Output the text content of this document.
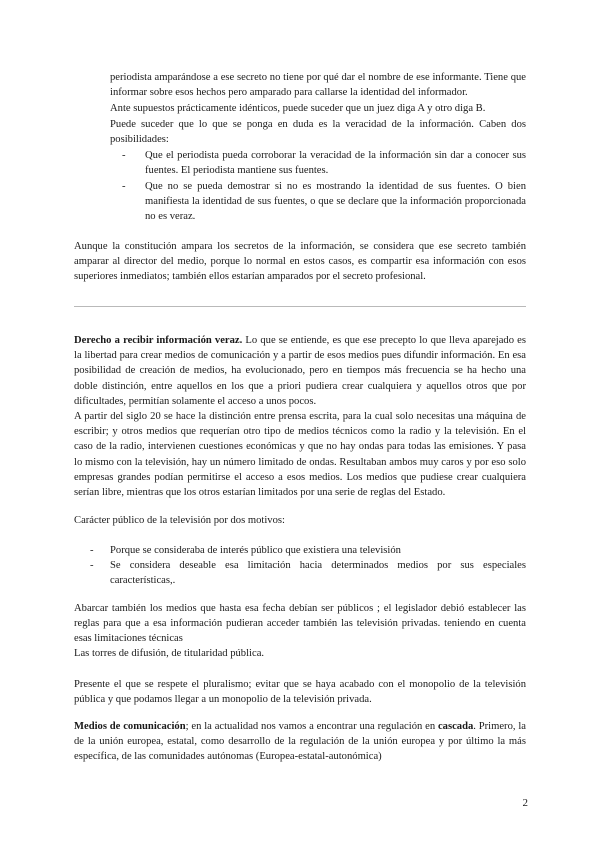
periodista amparándose a ese secreto no tiene por qué dar el nombre de ese informante. Tiene que informar sobre esos hechos pero amparado para callarse la identidad del informador.

Ante supuestos prácticamente idénticos, puede suceder que un juez diga A y otro diga B.

Puede suceder que lo que se ponga en duda es la veracidad de la información. Caben dos posibilidades:

-	Que el periodista pueda corroborar la veracidad de la información sin dar a conocer sus fuentes. El periodista mantiene sus fuentes.

-	Que no se pueda demostrar si no es mostrando la identidad de sus fuentes. O bien manifiesta la identidad de sus fuentes, o que se declare que la información proporcionada no es veraz.

Aunque la constitución ampara los secretos de la información, se considera que ese secreto también amparar al director del medio, porque lo normal en estos casos, es compartir esa información con esos superiores inmediatos; también ellos estarían amparados por el secreto profesional.

Derecho a recibir información veraz. Lo que se entiende, es que ese precepto lo que lleva aparejado es la libertad para crear medios de comunicación y a partir de esos medios pues difundir información. En esa posibilidad de creación de medios, ha evolucionado, pero en tiempos más frecuencia se ha hecho una doble distinción, entre aquellos en los que a priori pudiera crear cualquiera y aquellos otros que por dificultades, permitían solamente el acceso a unos pocos.

A partir del siglo 20 se hace la distinción entre prensa escrita, para la cual solo necesitas una máquina de escribir; y otros medios que requerían otro tipo de medios técnicos como la radio y la televisión. En el caso de la radio, intervienen cuestiones económicas y que no hay ondas para todas las emisiones. Y pasa lo mismo con la televisión, hay un número limitado de ondas. Resultaban ambos muy caros y por eso solo empresas grandes podían permitirse el acceso a esos medios. Los medios que pudiese crear cualquiera serían libre, mientras que los otros estarían limitados por una serie de reglas del Estado.

Carácter público de la televisión por dos motivos:

-	Porque se consideraba de interés público que existiera una televisión

-	Se considera deseable esa limitación hacia determinados medios por sus especiales características,.

Abarcar también los medios que hasta esa fecha debían ser públicos ; el legislador debió establecer las reglas para que a esa información pudieran acceder también las televisión privadas. teniendo en cuenta esas limitaciones técnicas

Las torres de difusión, de titularidad pública.

Presente el que se respete el pluralismo; evitar que se haya acabado con el monopolio de la televisión pública y que podamos llegar a un monopolio de la televisión privada.

Medios de comunicación; en la actualidad nos vamos a encontrar una regulación en cascada. Primero, la de la unión europea, estatal, como desarrollo de la regulación de la unión europea y por último la más específica, de las comunidades autónomas (Europea-estatal-autonómica)

2
